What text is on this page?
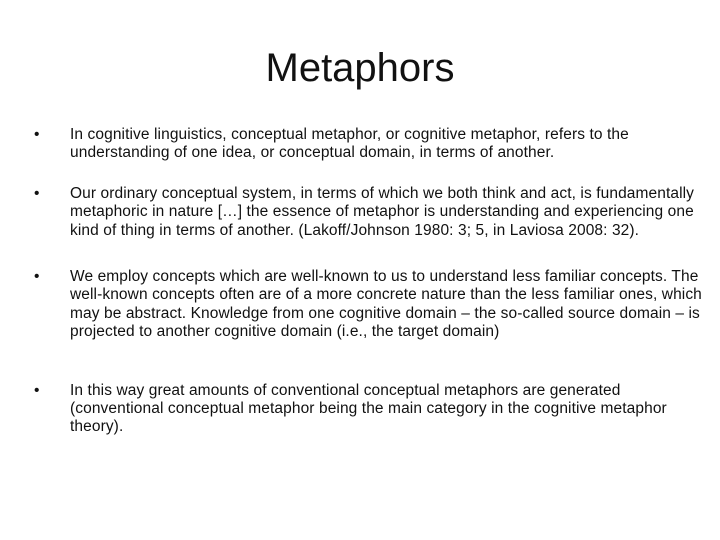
Metaphors
• In cognitive linguistics, conceptual metaphor, or cognitive metaphor, refers to the understanding of one idea, or conceptual domain, in terms of another.
• Our ordinary conceptual system, in terms of which we both think and act, is fundamentally metaphoric in nature […] the essence of metaphor is understanding and experiencing one kind of thing in terms of another. (Lakoff/Johnson 1980: 3; 5, in Laviosa 2008: 32).
• We employ concepts which are well-known to us to understand less familiar concepts. The well-known concepts often are of a more concrete nature than the less familiar ones, which may be abstract. Knowledge from one cognitive domain – the so-called source domain – is projected to another cognitive domain (i.e., the target domain)
• In this way great amounts of conventional conceptual metaphors are generated (conventional conceptual metaphor being the main category in the cognitive metaphor theory).
